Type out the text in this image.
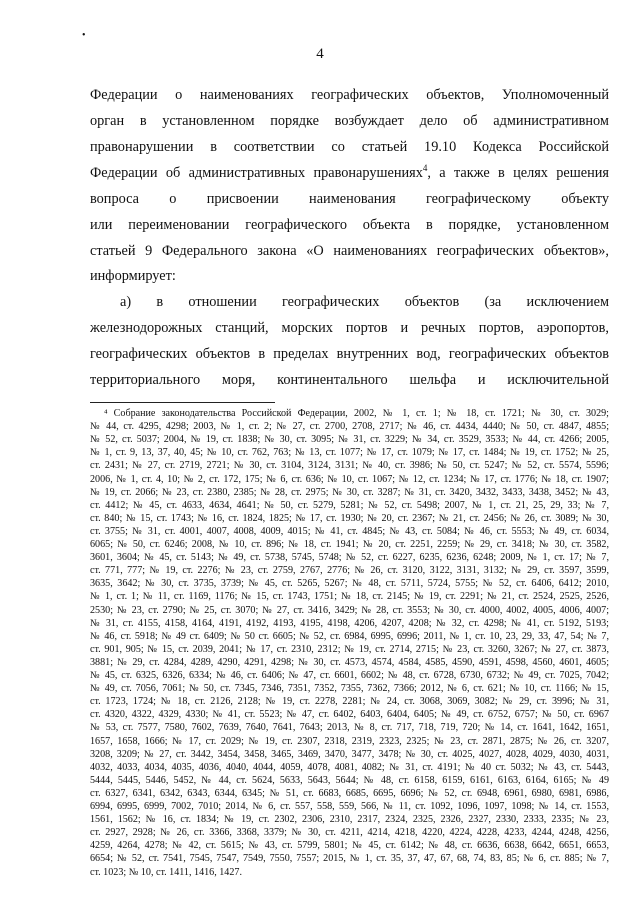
•
4
Федерации о наименованиях географических объектов, Уполномоченный
орган в установленном порядке возбуждает дело об административном
правонарушении в соответствии со статьей 19.10 Кодекса Российской
Федерации об административных правонарушениях$^4$, а также в целях решения
вопроса о присвоении наименования географическому объекту
или переименовании географического объекта в порядке, установленном
статьей 9 Федерального закона «О наименованиях географических объектов»,
информирует:
а) в отношении географических объектов (за исключением
железнодорожных станций, морских портов и речных портов, аэропортов,
географических объектов в пределах внутренних вод, географических объектов
территориального моря, континентального шельфа и исключительной
⁴ Собрание законодательства Российской Федерации, 2002, № 1, ст. 1; № 18, ст. 1721; № 30, ст. 3029;
№ 44, ст. 4295, 4298; 2003, № 1, ст. 2; № 27, ст. 2700, 2708, 2717; № 46, ст. 4434, 4440; № 50, ст. 4847, 4855;
№ 52, ст. 5037; 2004, № 19, ст. 1838; № 30, ст. 3095; № 31, ст. 3229; № 34, ст. 3529, 3533; № 44, ст. 4266; 2005,
№ 1, ст. 9, 13, 37, 40, 45; № 10, ст. 762, 763; № 13, ст. 1077; № 17, ст. 1079; № 17, ст. 1484; № 19, ст. 1752; № 25,
ст. 2431; № 27, ст. 2719, 2721; № 30, ст. 3104, 3124, 3131; № 40, ст. 3986; № 50, ст. 5247; № 52, ст. 5574, 5596;
2006, № 1, ст. 4, 10; № 2, ст. 172, 175; № 6, ст. 636; № 10, ст. 1067; № 12, ст. 1234; № 17, ст. 1776; № 18, ст. 1907;
№ 19, ст. 2066; № 23, ст. 2380, 2385; № 28, ст. 2975; № 30, ст. 3287; № 31, ст. 3420, 3432, 3433, 3438, 3452; № 43,
ст. 4412; № 45, ст. 4633, 4634, 4641; № 50, ст. 5279, 5281; № 52, ст. 5498; 2007, № 1, ст. 21, 25, 29, 33; № 7,
ст. 840; № 15, ст. 1743; № 16, ст. 1824, 1825; № 17, ст. 1930; № 20, ст. 2367; № 21, ст. 2456; № 26, ст. 3089; № 30,
ст. 3755; № 31, ст. 4001, 4007, 4008, 4009, 4015; № 41, ст. 4845; № 43, ст. 5084; № 46, ст. 5553; № 49, ст. 6034,
6065; № 50, ст. 6246; 2008, № 10, ст. 896; № 18, ст. 1941; № 20, ст. 2251, 2259; № 29, ст. 3418; № 30, ст. 3582,
3601, 3604; № 45, ст. 5143; № 49, ст. 5738, 5745, 5748; № 52, ст. 6227, 6235, 6236, 6248; 2009, № 1, ст. 17; № 7,
ст. 771, 777; № 19, ст. 2276; № 23, ст. 2759, 2767, 2776; № 26, ст. 3120, 3122, 3131, 3132; № 29, ст. 3597, 3599,
3635, 3642; № 30, ст. 3735, 3739; № 45, ст. 5265, 5267; № 48, ст. 5711, 5724, 5755; № 52, ст. 6406, 6412; 2010,
№ 1, ст. 1; № 11, ст. 1169, 1176; № 15, ст. 1743, 1751; № 18, ст. 2145; № 19, ст. 2291; № 21, ст. 2524, 2525, 2526,
2530; № 23, ст. 2790; № 25, ст. 3070; № 27, ст. 3416, 3429; № 28, ст. 3553; № 30, ст. 4000, 4002, 4005, 4006, 4007;
№ 31, ст. 4155, 4158, 4164, 4191, 4192, 4193, 4195, 4198, 4206, 4207, 4208; № 32, ст. 4298; № 41, ст. 5192, 5193;
№ 46, ст. 5918; № 49 ст. 6409; № 50 ст. 6605; № 52, ст. 6984, 6995, 6996; 2011, № 1, ст. 10, 23, 29, 33, 47, 54; № 7,
ст. 901, 905; № 15, ст. 2039, 2041; № 17, ст. 2310, 2312; № 19, ст. 2714, 2715; № 23, ст. 3260, 3267; № 27, ст. 3873,
3881; № 29, ст. 4284, 4289, 4290, 4291, 4298; № 30, ст. 4573, 4574, 4584, 4585, 4590, 4591, 4598, 4560, 4601, 4605;
№ 45, ст. 6325, 6326, 6334; № 46, ст. 6406; № 47, ст. 6601, 6602; № 48, ст. 6728, 6730, 6732; № 49, ст. 7025, 7042;
№ 49, ст. 7056, 7061; № 50, ст. 7345, 7346, 7351, 7352, 7355, 7362, 7366; 2012, № 6, ст. 621; № 10, ст. 1166; № 15,
ст. 1723, 1724; № 18, ст. 2126, 2128; № 19, ст. 2278, 2281; № 24, ст. 3068, 3069, 3082; № 29, ст. 3996; № 31,
ст. 4320, 4322, 4329, 4330; № 41, ст. 5523; № 47, ст. 6402, 6403, 6404, 6405; № 49, ст. 6752, 6757; № 50, ст. 6967
№ 53, ст. 7577, 7580, 7602, 7639, 7640, 7641, 7643; 2013, № 8, ст. 717, 718, 719, 720; № 14, ст. 1641, 1642, 1651,
1657, 1658, 1666; № 17, ст. 2029; № 19, ст. 2307, 2318, 2319, 2323, 2325; № 23, ст. 2871, 2875; № 26, ст. 3207,
3208, 3209; № 27, ст. 3442, 3454, 3458, 3465, 3469, 3470, 3477, 3478; № 30, ст. 4025, 4027, 4028, 4029, 4030, 4031,
4032, 4033, 4034, 4035, 4036, 4040, 4044, 4059, 4078, 4081, 4082; № 31, ст. 4191; № 40 ст. 5032; № 43, ст. 5443,
5444, 5445, 5446, 5452, № 44, ст. 5624, 5633, 5643, 5644; № 48, ст. 6158, 6159, 6161, 6163, 6164, 6165; № 49
ст. 6327, 6341, 6342, 6343, 6344, 6345; № 51, ст. 6683, 6685, 6695, 6696; № 52, ст. 6948, 6961, 6980, 6981, 6986,
6994, 6995, 6999, 7002, 7010; 2014, № 6, ст. 557, 558, 559, 566, № 11, ст. 1092, 1096, 1097, 1098; № 14, ст. 1553,
1561, 1562; № 16, ст. 1834; № 19, ст. 2302, 2306, 2310, 2317, 2324, 2325, 2326, 2327, 2330, 2333, 2335; № 23,
ст. 2927, 2928; № 26, ст. 3366, 3368, 3379; № 30, ст. 4211, 4214, 4218, 4220, 4224, 4228, 4233, 4244, 4248, 4256,
4259, 4264, 4278; № 42, ст. 5615; № 43, ст. 5799, 5801; № 45, ст. 6142; № 48, ст. 6636, 6638, 6642, 6651, 6653,
6654; № 52, ст. 7541, 7545, 7547, 7549, 7550, 7557; 2015, № 1, ст. 35, 37, 47, 67, 68, 74, 83, 85; № 6, ст. 885; № 7,
ст. 1023; № 10, ст. 1411, 1416, 1427.
